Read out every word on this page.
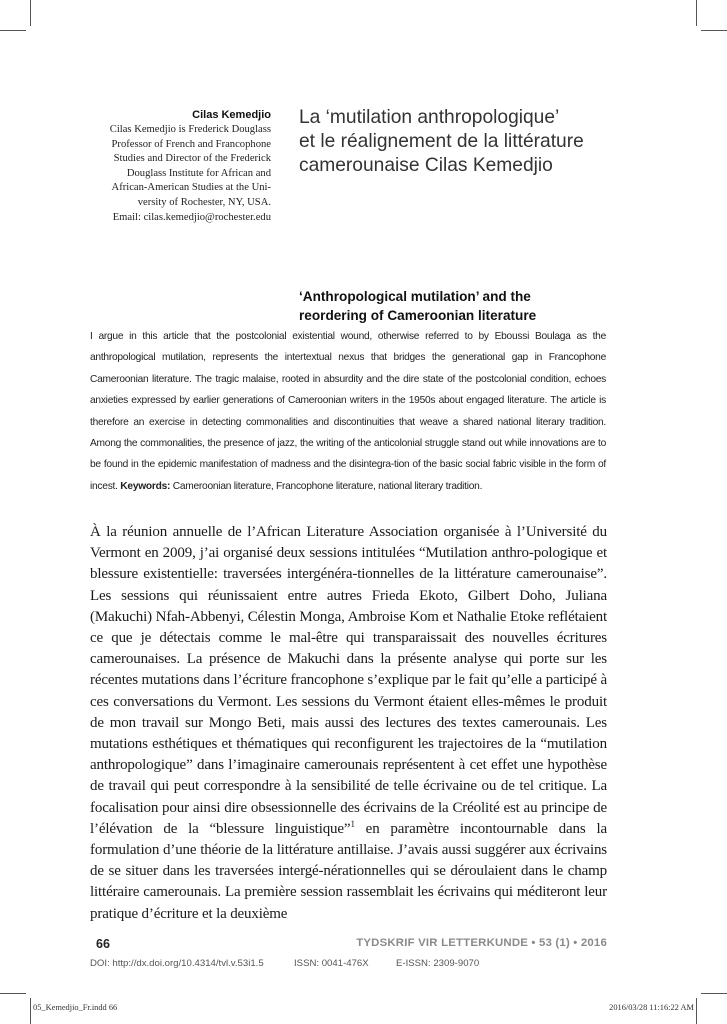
Cilas Kemedjio
Cilas Kemedjio is Frederick Douglass
Professor of French and Francophone
Studies and Director of the Frederick
Douglass Institute for African and
African-American Studies at the Uni-
versity of Rochester, NY, USA.
Email: cilas.kemedjio@rochester.edu
La ‘mutilation anthropologique’
et le réalignement de la littérature
camerounaise Cilas Kemedjio
‘Anthropological mutilation’ and the
reordering of Cameroonian literature
I argue in this article that the postcolonial existential wound, otherwise referred to by Eboussi Boulaga as the anthropological mutilation, represents the intertextual nexus that bridges the generational gap in Francophone Cameroonian literature. The tragic malaise, rooted in absurdity and the dire state of the postcolonial condition, echoes anxieties expressed by earlier generations of Cameroonian writers in the 1950s about engaged literature. The article is therefore an exercise in detecting commonalities and discontinuities that weave a shared national literary tradition. Among the commonalities, the presence of jazz, the writing of the anticolonial struggle stand out while innovations are to be found in the epidemic manifestation of madness and the disintegra-tion of the basic social fabric visible in the form of incest. Keywords: Cameroonian literature, Francophone literature, national literary tradition.
À la réunion annuelle de l’African Literature Association organisée à l’Université du Vermont en 2009, j’ai organisé deux sessions intitulées “Mutilation anthro-pologique et blessure existentielle: traversées intergénéra-tionnelles de la littérature camerounaise”. Les sessions qui réunissaient entre autres Frieda Ekoto, Gilbert Doho, Juliana (Makuchi) Nfah-Abbenyi, Célestin Monga, Ambroise Kom et Nathalie Etoke reflétaient ce que je détectais comme le mal-être qui transparaissait des nouvelles écritures camerounaises. La présence de Makuchi dans la présente analyse qui porte sur les récentes mutations dans l’écriture francophone s’explique par le fait qu’elle a participé à ces conversations du Vermont. Les sessions du Vermont étaient elles-mêmes le produit de mon travail sur Mongo Beti, mais aussi des lectures des textes camerounais. Les mutations esthétiques et thématiques qui reconfigurent les trajectoires de la “mutilation anthropologique” dans l’imaginaire camerounais représentent à cet effet une hypothèse de travail qui peut correspondre à la sensibilité de telle écrivaine ou de tel critique. La focalisation pour ainsi dire obsessionnelle des écrivains de la Créolité est au principe de l’élévation de la “blessure linguistique”$^1$ en paramètre incontournable dans la formulation d’une théorie de la littérature antillaise. J’avais aussi suggérer aux écrivains de se situer dans les traversées intergé-nérationnelles qui se déroulaient dans le champ littéraire camerounais. La première session rassemblait les écrivains qui méditeront leur pratique d’écriture et la deuxième
66	TYDSKRIF VIR LETTERKUNDE • 53 (1) • 2016
DOI: http://dx.doi.org/10.4314/tvl.v.53i1.5	ISSN: 0041-476X	E-ISSN: 2309-9070
05_Kemedjio_Fr.indd 66	2016/03/28 11:16:22 AM
